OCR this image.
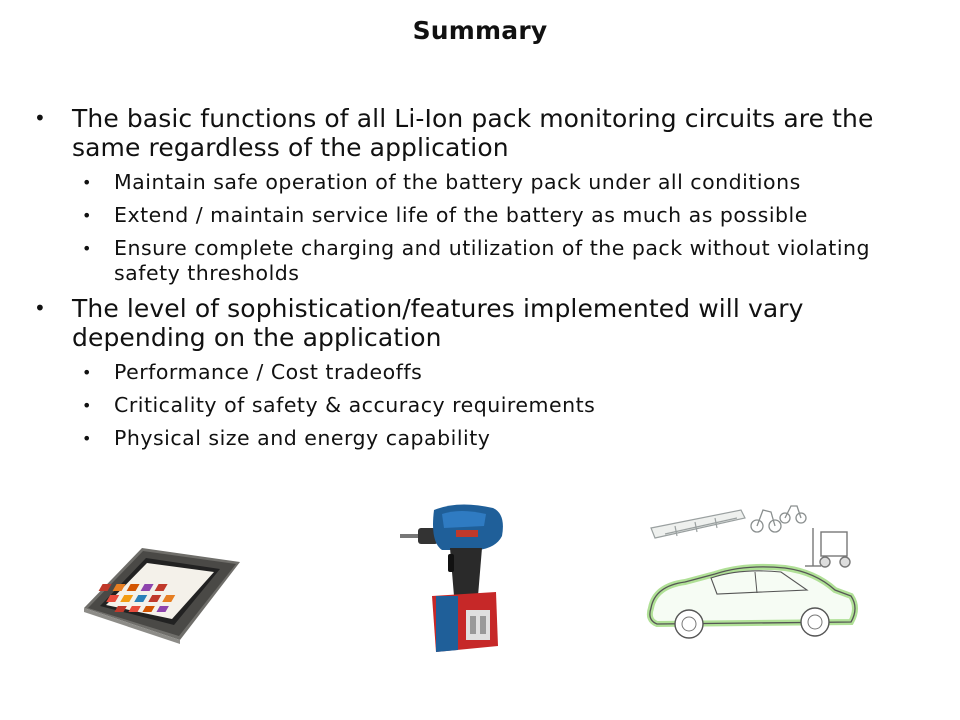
Summary
• The basic functions of all Li-Ion pack monitoring circuits are the same regardless of the application
• Maintain safe operation of the battery pack under all conditions
• Extend / maintain service life of the battery as much as possible
• Ensure complete charging and utilization of the pack without violating safety thresholds
• The level of sophistication/features implemented will vary depending on the application
• Performance / Cost tradeoffs
• Criticality of safety & accuracy requirements
• Physical size and energy capability
